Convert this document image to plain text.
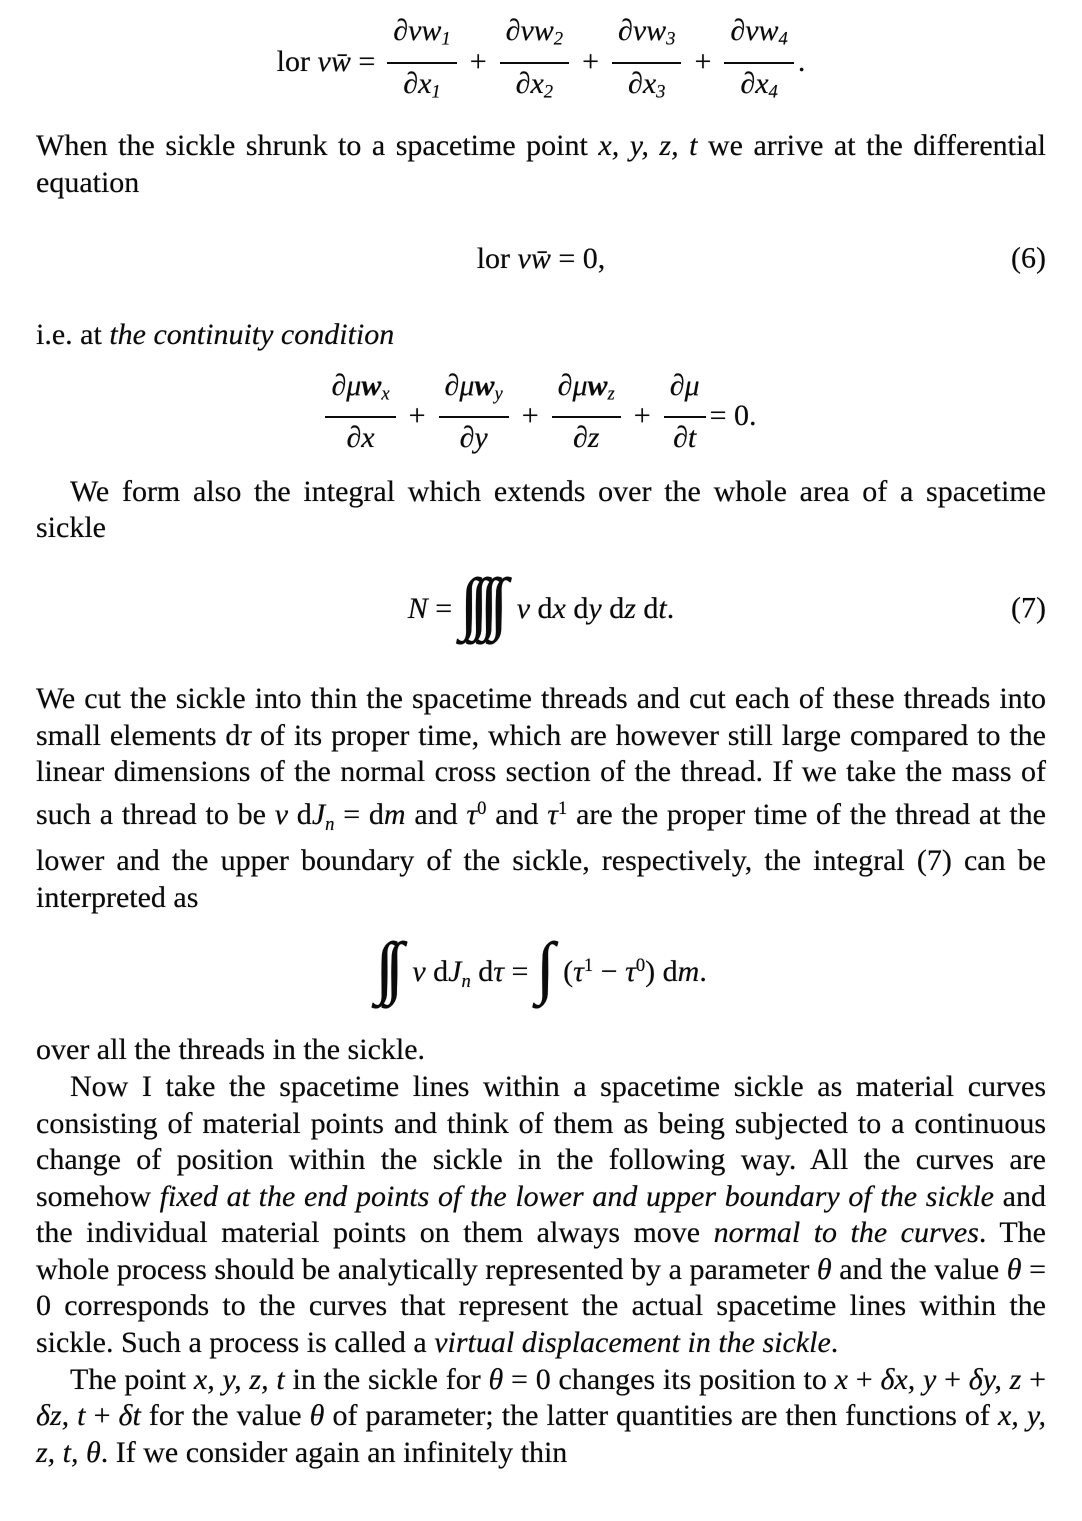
lor νw̄ = $\frac{\partial\nu w1}{\partial x1} + \frac{\partial\nu w2}{\partial x2} + \frac{\partial\nu w3}{\partial x3} + \frac{\partial\nu w4}{\partial x4}$ .

When the sickle shrunk to a spacetime point x, y, z, t we arrive at the differential equation

lor νw̄ = 0,	(6)

i.e. at the continuity condition

$\frac{\text{∂μwx}}{\partial x} + \frac{\text{∂μwy}}{\partial y} + \frac{\text{∂μwz}}{\partial z} + \frac{\partial\mu}{\partial t} = 0$.

We form also the integral which extends over the whole area of a spacetime sickle

N = ∫∫∫∫ ν dx dy dz dt.	(7)

We cut the sickle into thin the spacetime threads and cut each of these threads into small elements dτ of its proper time, which are however still large compared to the linear dimensions of the normal cross section of the thread. If we take the mass of such a thread to be ν $dJ_n$ = dm and $\tau^0$ and $\tau^1$ are the proper time of the thread at the lower and the upper boundary of the sickle, respectively, the integral (7) can be interpreted as

∫∫ ν $dJ_n$ dτ = ∫ $(\tau^1 - \tau^0)$ dm.

over all the threads in the sickle.

Now I take the spacetime lines within a spacetime sickle as material curves consisting of material points and think of them as being subjected to a continuous change of position within the sickle in the following way. All the curves are somehow fixed at the end points of the lower and upper boundary of the sickle and the individual material points on them always move normal to the curves. The whole process should be analytically represented by a parameter θ and the value θ = 0 corresponds to the curves that represent the actual spacetime lines within the sickle. Such a process is called a virtual displacement in the sickle.

The point x, y, z, t in the sickle for θ = 0 changes its position to x + δx, y + δy, z + δz, t + δt for the value θ of parameter; the latter quantities are then functions of x, y, z, t, θ. If we consider again an infinitely thin
